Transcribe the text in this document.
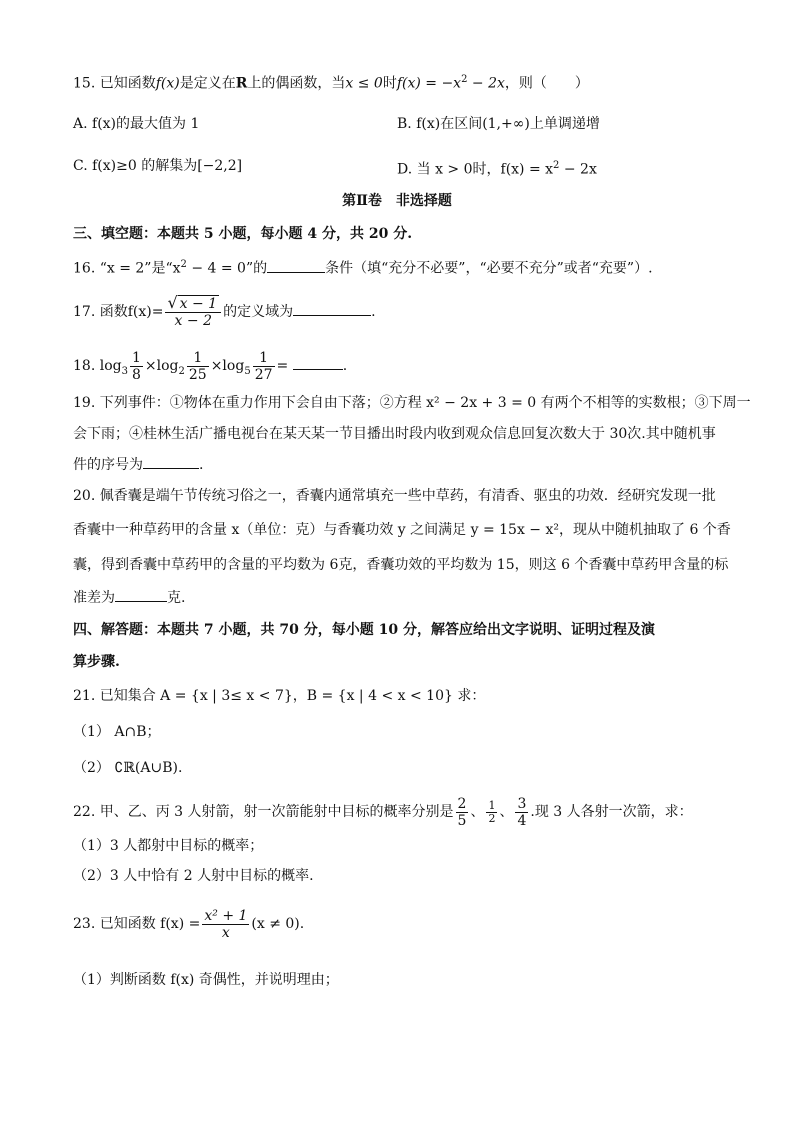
15. 已知函数f(x)是定义在R上的偶函数，当x ≤ 0时$f(x) = -x^2 - 2x$，则（　　）
A. f(x)的最大值为 1	B. f(x)在区间(1,+∞)上单调递增
C. f(x)≥0 的解集为[−2,2]	D. 当 x > 0时，$f(x) = x^2 - 2x$
第Ⅱ卷　非选择题
三、填空题：本题共 5 小题，每小题 4 分，共 20 分.
16. “x = 2”是“$x^2 - 4 = 0$”的	条件（填“充分不必要”，“必要不充分”或者“充要”）.
17. 函数$f(x)= \frac{√ x - 1}{x - 2}$ 的定义域为	.
18. $\log_3 \frac{1}{8} \times\log_2 \frac{1}{25} \times\log_5 \frac{1}{27}$ =	.
19. 下列事件：①物体在重力作用下会自由下落；②方程 x² − 2x + 3 = 0 有两个不相等的实数根；③下周一
会下雨；④桂林生活广播电视台在某天某一节目播出时段内收到观众信息回复次数大于 30次.其中随机事
件的序号为	.
20. 佩香囊是端午节传统习俗之一，香囊内通常填充一些中草药，有清香、驱虫的功效．经研究发现一批
香囊中一种草药甲的含量 x（单位：克）与香囊功效 y 之间满足 y = 15x − x²，现从中随机抽取了 6 个香
囊，得到香囊中草药甲的含量的平均数为 6克，香囊功效的平均数为 15，则这 6 个香囊中草药甲含量的标
准差为	克.
四、解答题：本题共 7 小题，共 70 分，每小题 10 分，解答应给出文字说明、证明过程及演
算步骤.
21. 已知集合 A = {x | 3≤ x < 7}，B = {x | 4 < x < 10} 求：
（1） A∩B；
（2） ∁ℝ(A∪B).
22. 甲、乙、丙 3 人射箭，射一次箭能射中目标的概率分别是 $\frac{2}{5}$ 、 $\frac{1}{2}$ 、 $\frac{3}{4}$ .现 3 人各射一次箭，求：
（1）3 人都射中目标的概率；
（2）3 人中恰有 2 人射中目标的概率.
23. 已知函数 $f(x) = \frac{\text{x² + 1}}{x} (x \ne 0)$.
（1）判断函数 f(x) 奇偶性，并说明理由；
